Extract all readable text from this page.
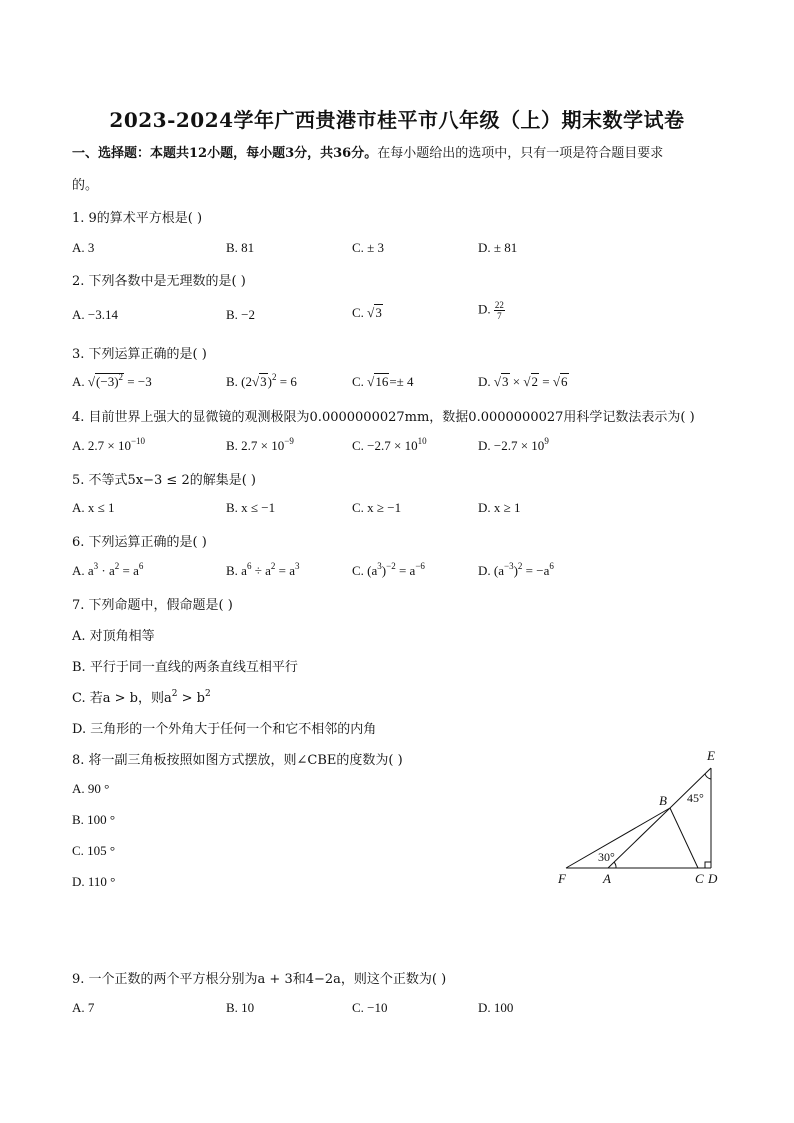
2023-2024学年广西贵港市桂平市八年级（上）期末数学试卷
一、选择题：本题共12小题，每小题3分，共36分。在每小题给出的选项中，只有一项是符合题目要求
的。
1. 9的算术平方根是( )
A. 3	B. 81	C. ± 3	D. ± 81
2. 下列各数中是无理数的是( )
A. −3.14	B. −2	C. √3	D. $\frac{22}{7}$
3. 下列运算正确的是( )
A. $√(-3)^2 = -3$	B. $(2√3)^2 = 6$	C. √16=± 4	D. √3 × √2 = √6
4. 目前世界上强大的显微镜的观测极限为0.0000000027mm，数据0.0000000027用科学记数法表示为( )
A. $2.7 \times 10^{-10}$	B. $2.7 \times 10^{-9}$	C. $-2.7 \times 10^{10}$	D. $-2.7 \times 10^9$
5. 不等式5x−3 ≤ 2的解集是( )
A. x ≤ 1	B. x ≤ −1	C. x ≥ −1	D. x ≥ 1
6. 下列运算正确的是( )
A. $a^3 \cdot a^2 = a^6$	B. $a^6 \div a^2 = a^3$	C. $(a^3)^{-2} = a^{-6}$	D. $(a^{-3})^2 = -a^6$
7. 下列命题中，假命题是( )
A. 对顶角相等
B. 平行于同一直线的两条直线互相平行
C. 若a > b，则$a^2 > b^2$
D. 三角形的一个外角大于任何一个和它不相邻的内角
8. 将一副三角板按照如图方式摆放，则∠CBE的度数为( )
A. 90 °
B. 100 °
C. 105 °
D. 110 °
E
B
F	A	C D
45°
30°
9. 一个正数的两个平方根分别为a + 3和4−2a，则这个正数为( )
A. 7	B. 10	C. −10	D. 100
